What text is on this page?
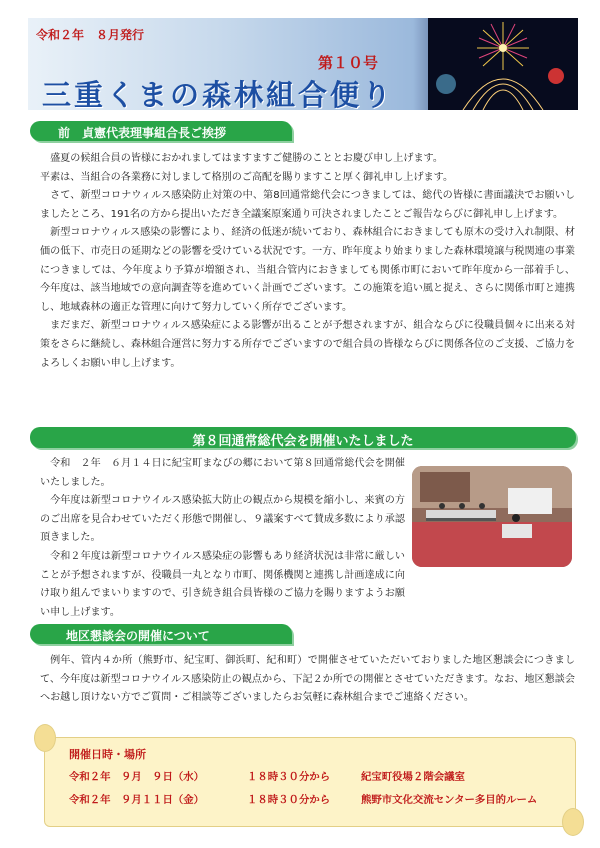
令和２年　８月発行
第１０号
三重くまの森林組合便り
前　貞憲代表理事組合長ご挨拶

盛夏の候組合員の皆様におかれましてはますますご健勝のこととお慶び申し上げます。

平素は、当組合の各業務に対しまして格別のご高配を賜りますこと厚く御礼申し上げます。

さて、新型コロナウィルス感染防止対策の中、第8回通常総代会につきましては、総代の皆様に書面議決でお願いしましたところ、191名の方から提出いただき全議案原案通り可決されましたことご報告ならびに御礼申し上げます。

新型コロナウィルス感染の影響により、経済の低迷が続いており、森林組合におきましても原木の受け入れ制限、材価の低下、市売日の延期などの影響を受けている状況です。一方、昨年度より始まりました森林環境譲与税関連の事業につきましては、今年度より予算が増額され、当組合管内におきましても関係市町において昨年度から一部着手し、今年度は、該当地域での意向調査等を進めていく計画でございます。この施策を追い風と捉え、さらに関係市町と連携し、地域森林の適正な管理に向けて努力していく所存でございます。

まだまだ、新型コロナウィルス感染症による影響が出ることが予想されますが、組合ならびに役職員個々に出来る対策をさらに継続し、森林組合運営に努力する所存でございますので組合員の皆様ならびに関係各位のご支援、ご協力をよろしくお願い申し上げます。

第８回通常総代会を開催いたしました

令和　２年　６月１４日に紀宝町まなびの郷において第８回通常総代会を開催いたしました。

今年度は新型コロナウイルス感染拡大防止の観点から規模を縮小し、来賓の方のご出席を見合わせていただく形態で開催し、９議案すべて賛成多数により承認頂きました。

令和２年度は新型コロナウイルス感染症の影響もあり経済状況は非常に厳しいことが予想されますが、役職員一丸となり市町、関係機関と連携し計画達成に向け取り組んでまいりますので、引き続き組合員皆様のご協力を賜りますようお願い申し上げます。

地区懇談会の開催について

例年、管内４か所（熊野市、紀宝町、御浜町、紀和町）で開催させていただいておりました地区懇談会につきまして、今年度は新型コロナウイルス感染防止の観点から、下記２か所での開催とさせていただきます。なお、地区懇談会へお越し頂けない方でご質問・ご相談等ございましたらお気軽に森林組合までご連絡ください。

開催日時・場所
令和２年　９月　９日（水）	１８時３０分から	紀宝町役場２階会議室
令和２年　９月１１日（金）	１８時３０分から	熊野市文化交流センター多目的ルーム
